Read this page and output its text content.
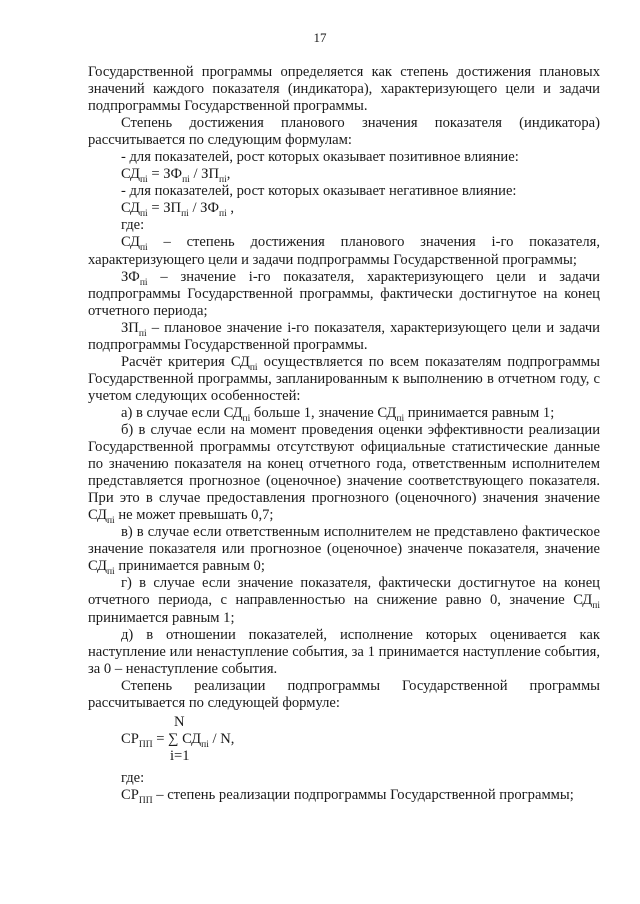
17

Государственной программы определяется как степень достижения плановых значений каждого показателя (индикатора), характеризующего цели и задачи подпрограммы Государственной программы.

Степень достижения планового значения показателя (индикатора) рассчитывается по следующим формулам:

- для показателей, рост которых оказывает позитивное влияние:

$СД_{пi} = ЗФ_{пi} / ЗП_{пi}$,

- для показателей, рост которых оказывает негативное влияние:

$СД_{пi} = ЗП_{пi} / ЗФ_{пi}$ ,

где:

$СД_{пi}$ – степень достижения планового значения i-го показателя, характеризующего цели и задачи подпрограммы Государственной программы;

$ЗФ_{пi}$ – значение i-го показателя, характеризующего цели и задачи подпрограммы Государственной программы, фактически достигнутое на конец отчетного периода;

$ЗП_{пi}$ – плановое значение i-го показателя, характеризующего цели и задачи подпрограммы Государственной программы.

Расчёт критерия $СД_{пi}$ осуществляется по всем показателям подпрограммы Государственной программы, запланированным к выполнению в отчетном году, с учетом следующих особенностей:

а) в случае если $СД_{пi}$ больше 1, значение $СД_{пi}$ принимается равным 1;

б) в случае если на момент проведения оценки эффективности реализации Государственной программы отсутствуют официальные статистические данные по значению показателя на конец отчетного года, ответственным исполнителем представляется прогнозное (оценочное) значение соответствующего показателя. При это в случае предоставления прогнозного (оценочного) значения значение $СД_{пi}$ не может превышать 0,7;

в) в случае если ответственным исполнителем не представлено фактическое значение показателя или прогнозное (оценочное) значенче показателя, значение $СД_{пi}$ принимается равным 0;

г) в случае если значение показателя, фактически достигнутое на конец отчетного периода, с направленностью на снижение равно 0, значение $СД_{пi}$ принимается равным 1;

д) в отношении показателей, исполнение которых оценивается как наступление или ненаступление события, за 1 принимается наступление события, за 0 – ненаступление события.

Степень реализации подпрограммы Государственной программы рассчитывается по следующей формуле:

N
$СР_{ПП}$ = ∑ $СД_{пi}$ / N,
i=1

где:

$СР_{ПП}$ – степень реализации подпрограммы Государственной программы;
